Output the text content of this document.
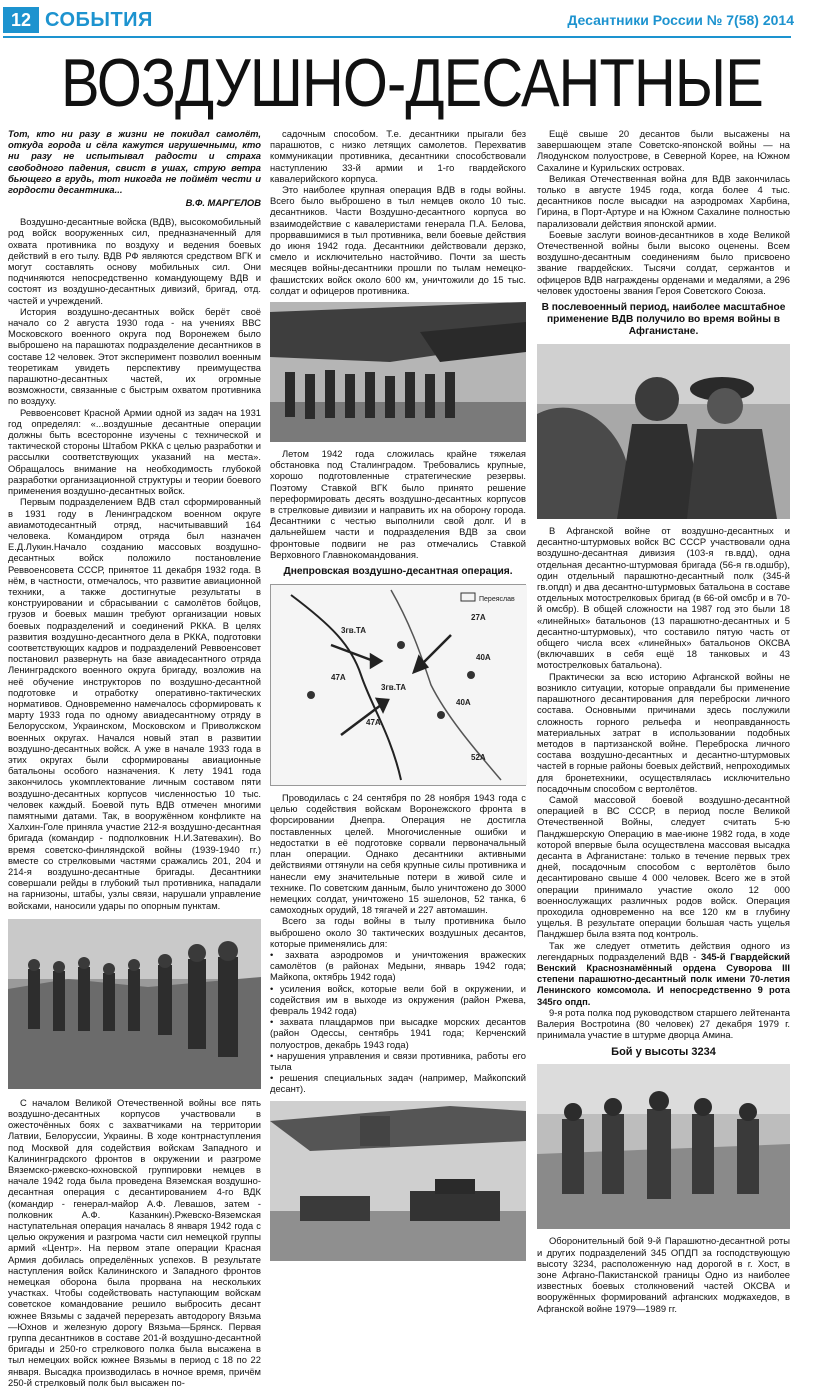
12 СОБЫТИЯ	Десантники России № 7(58) 2014
ВОЗДУШНО-ДЕСАНТНЫЕ
Тот, кто ни разу в жизни не покидал самолёт, откуда города и сёла кажутся игрушечными, кто ни разу не испытывал радости и страха свободного падения, свист в ушах, струю ветра бьющего в грудь, тот никогда не поймёт чести и гордости десантника...
В.Ф. МАРГЕЛОВ

Воздушно-десантные войска (ВДВ), высокомобильный род войск вооруженных сил, предназначенный для охвата противника по воздуху и ведения боевых действий в его тылу. ВДВ РФ являются средством ВГК и могут составлять основу мобильных сил. Они подчиняются непосредственно командующему ВДВ и состоят из воздушно-десантных дивизий, бригад, отд. частей и учреждений.

История воздушно-десантных войск берёт своё начало со 2 августа 1930 года - на учениях ВВС Московского военного округа под Воронежем было выброшено на парашютах подразделение десантников в составе 12 человек. Этот эксперимент позволил военным теоретикам увидеть перспективу преимущества парашютно-десантных частей, их огромные возможности, связанные с быстрым охватом противника по воздуху.

Реввоенсовет Красной Армии одной из задач на 1931 год определял: «...воздушные десантные операции должны быть всесторонне изучены с технической и тактической стороны Штабом РККА с целью разработки и рассылки соответствующих указаний на места». Обращалось внимание на необходимость глубокой разработки организационной структуры и теории боевого применения воздушно-десантных войск.

Первым подразделением ВДВ стал сформированный в 1931 году в Ленинградском военном округе авиамотодесантный отряд, насчитывавший 164 человека. Командиром отряда был назначен Е.Д.Лукин.Начало созданию массовых воздушно-десантных войск положило постановление Реввоенсовета СССР, принятое 11 декабря 1932 года. В нём, в частности, отмечалось, что развитие авиационной техники, а также достигнутые результаты в конструировании и сбрасывании с самолётов бойцов, грузов и боевых машин требуют организации новых боевых подразделений и соединений РККА. В целях развития воздушно-десантного дела в РККА, подготовки соответствующих кадров и подразделений Реввоенсовет постановил развернуть на базе авиадесантного отряда Ленинградского военного округа бригаду, возложив на неё обучение инструкторов по воздушно-десантной подготовке и отработку оперативно-тактических нормативов. Одновременно намечалось сформировать к марту 1933 года по одному авиадесантному отряду в Белорусском, Украинском, Московском и Приволжском военных округах. Начался новый этап в развитии воздушно-десантных войск. А уже в начале 1933 года в этих округах были сформированы авиационные батальоны особого назначения. К лету 1941 года закончилось укомплектование личным составом пяти воздушно-десантных корпусов численностью 10 тыс. человек каждый. Боевой путь ВДВ отмечен многими памятными датами. Так, в вооружённом конфликте на Халхин-Голе приняла участие 212-я воздушно-десантная бригада (командир - подполковник Н.И.Затевахин). Во время советско-финляндской войны (1939-1940 гг.) вместе со стрелковыми частями сражались 201, 204 и 214-я воздушно-десантные бригады. Десантники совершали рейды в глубокий тыл противника, нападали на гарнизоны, штабы, узлы связи, нарушали управление войсками, наносили удары по опорным пунктам.

С началом Великой Отечественной войны все пять воздушно-десантных корпусов участвовали в ожесточённых боях с захватчиками на территории Латвии, Белоруссии, Украины. В ходе контрнаступления под Москвой для содействия войскам Западного и Калининградского фронтов в окружении и разгроме Вяземско-ржевско-юхновской группировки немцев в начале 1942 года была проведена Вяземская воздушно-десантная операция с десантированием 4-го ВДК (командир - генерал-майор А.Ф. Левашов, затем - полковник А.Ф. Казанкин).Ржевско-Вяземская наступательная операция началась 8 января 1942 года с целью окружения и разгрома части сил немецкой группы армий «Центр». На первом этапе операции Красная Армия добилась определённых успехов. В результате наступления войск Калининского и Западного фронтов немецкая оборона была прорвана на нескольких участках. Чтобы содействовать наступающим войскам советское командование решило выбросить десант южнее Вязьмы с задачей перерезать автодорогу Вязьма—Юхнов и железную дорогу Вязьма—Брянск. Первая группа десантников в составе 201-й воздушно-десантной бригады и 250-го стрелкового полка была высажена в тыл немецких войск южнее Вязьмы в период с 18 по 22 января. Высадка производилась в ночное время, причём 250-й стрелковый полк был высажен по-

садочным способом. Т.е. десантники прыгали без парашютов, с низко летящих самолетов. Перехватив коммуникации противника, десантники способствовали наступлению 33-й армии и 1-го гвардейского кавалерийского корпуса.

Это наиболее крупная операция ВДВ в годы войны. Всего было выброшено в тыл немцев около 10 тыс. десантников. Части Воздушно-десантного корпуса во взаимодействие с кавалеристами генерала П.А. Белова, прорвавшимися в тыл противника, вели боевые действия до июня 1942 года. Десантники действовали дерзко, смело и исключительно настойчиво. Почти за шесть месяцев войны-десантники прошли по тылам немецко-фашистских войск около 600 км, уничтожили до 15 тыс. солдат и офицеров противника.

Летом 1942 года сложилась крайне тяжелая обстановка под Сталинградом. Требовались крупные, хорошо подготовленные стратегические резервы. Поэтому Ставкой ВГК было принято решение переформировать десять воздушно-десантных корпусов в стрелковые дивизии и направить их на оборону города. Десантники с честью выполнили свой долг. И в дальнейшем части и подразделения ВДВ за свои фронтовые подвиги не раз отмечались Ставкой Верховного Главнокомандования.

Днепровская воздушно-десантная операция.
Переяслав
3гв.ТА
27А
40А
47А
3гв.ТА
47А
40А
52А

Проводилась с 24 сентября по 28 ноября 1943 года с целью содействия войскам Воронежского фронта в форсировании Днепра. Операция не достигла поставленных целей. Многочисленные ошибки и недостатки в её подготовке сорвали первоначальный план операции. Однако десантники активными действиями оттянули на себя крупные силы противника и нанесли ему значительные потери в живой силе и технике. По советским данным, было уничтожено до 3000 немецких солдат, уничтожено 15 эшелонов, 52 танка, 6 самоходных орудий, 18 тягачей и 227 автомашин.

Всего за годы войны в тылу противника было выброшено около 30 тактических воздушных десантов, которые применялись для:

• захвата аэродромов и уничтожения вражеских самолётов (в районах Медыни, январь 1942 года; Майкопа, октябрь 1942 года)
• усиления войск, которые вели бой в окружении, и содействия им в выходе из окружения (район Ржева, февраль 1942 года)
• захвата плацдармов при высадке морских десантов (район Одессы, сентябрь 1941 года; Керченский полуостров, декабрь 1943 года)
• нарушения управления и связи противника, работы его тыла
• решения специальных задач (например, Майкопский десант).

Ещё свыше 20 десантов были высажены на завершающем этапе Советско-японской войны — на Ляодунском полуострове, в Северной Корее, на Южном Сахалине и Курильских островах.

Великая Отечественная война для ВДВ закончилась только в августе 1945 года, когда более 4 тыс. десантников после высадки на аэродромах Харбина, Гирина, в Порт-Артуре и на Южном Сахалине полностью парализовали действия японской армии.

Боевые заслуги воинов-десантников в ходе Великой Отечественной войны были высоко оценены. Всем воздушно-десантным соединениям было присвоено звание гвардейских. Тысячи солдат, сержантов и офицеров ВДВ награждены орденами и медалями, а 296 человек удостоены звания Героя Советского Союза.

В послевоенный период, наиболее масштабное применение ВДВ получило во время войны в Афганистане.

В Афганской войне от воздушно-десантных и десантно-штурмовых войск ВС СССР участвовали одна воздушно-десантная дивизия (103-я гв.вдд), одна отдельная десантно-штурмовая бригада (56-я гв.одшбр), один отдельный парашютно-десантный полк (345-й гв.опдп) и два десантно-штурмовых батальона в составе отдельных мотострелковых бригад (в 66-ой омсбр и в 70-й омсбр). В общей сложности на 1987 год это были 18 «линейных» батальонов (13 парашютно-десантных и 5 десантно-штурмовых), что составило пятую часть от общего числа всех «линейных» батальонов ОКСВА (включавших в себя ещё 18 танковых и 43 мотострелковых батальона).

Практически за всю историю Афганской войны не возникло ситуации, которые оправдали бы применение парашютного десантирования для переброски личного состава. Основными причинами здесь послужили сложность горного рельефа и неоправданность материальных затрат в использовании подобных методов в партизанской войне. Переброска личного состава воздушно-десантных и десантно-штурмовых частей в горные районы боевых действий, непроходимых для бронетехники, осуществлялась исключительно посадочным способом с вертолётов.

Самой массовой боевой воздушно-десантной операцией в ВС СССР, в период после Великой Отечественной Войны, следует считать 5-ю Панджшерскую Операцию в мае-июне 1982 года, в ходе которой впервые была осуществлена массовая высадка десанта в Афганистане: только в течение первых трех дней, посадочным способом с вертолётов было десантировано свыше 4 000 человек. Всего же в этой операции принимало участие около 12 000 военнослужащих различных родов войск. Операция проходила одновременно на все 120 км в глубину ущелья. В результате операции большая часть ущелья Панджшер была взята под контроль.

Так же следует отметить действия одного из легендарных подразделений ВДВ - 345-й Гвардейский Венский Краснознамённый ордена Суворова III степени парашютно-десантный полк имени 70-летия Ленинского комсомола. И непосредственно 9 рота 345го опдп.

9-я рота полка под руководством старшего лейтенанта Валерия Вострotина (80 человек) 27 декабря 1979 г. принимала участие в штурме дворца Амина.

Бой у высоты 3234

Оборонительный бой 9-й Парашютно-десантной роты и других подразделений 345 ОПДП за господствующую высоту 3234, расположенную над дорогой в г. Хост, в зоне Афгано-Пакистанской границы Одно из наиболее известных боевых столкновений частей ОКСВА и вооружённых формирований афганских моджахедов, в Афганской войне 1979—1989 гг.
